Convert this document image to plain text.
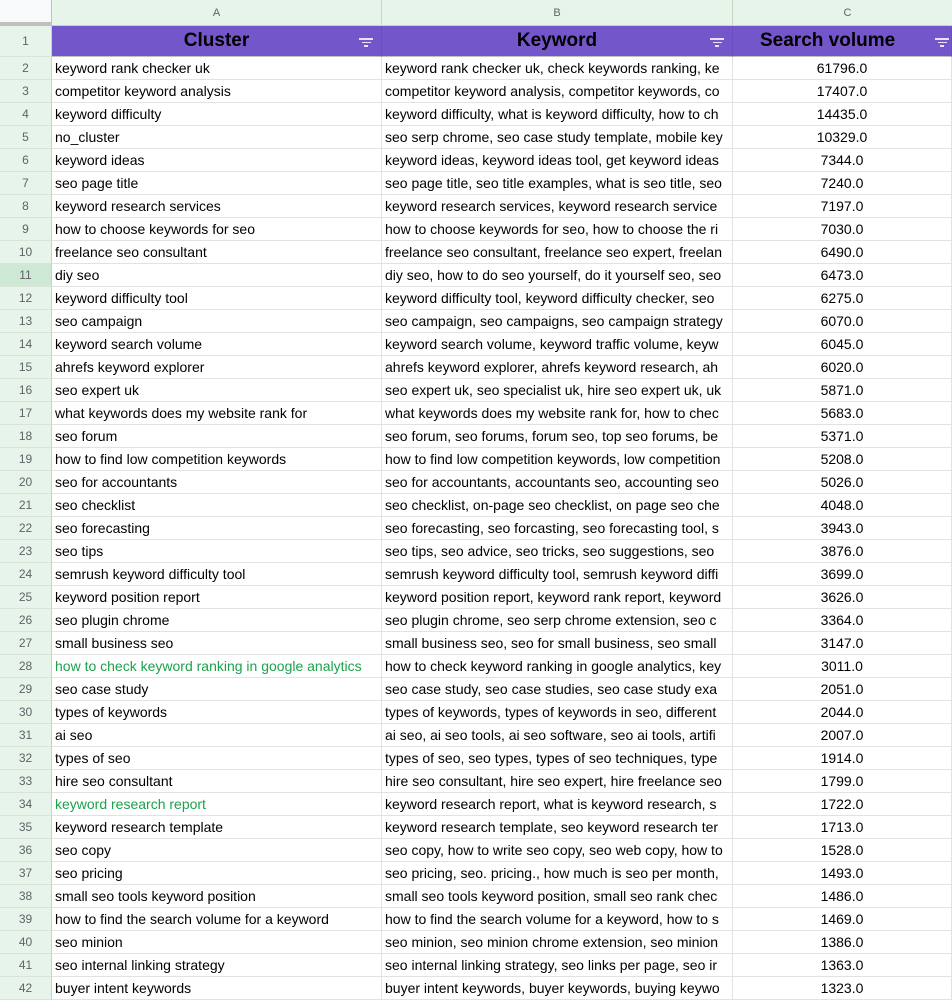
A	B	C
1	Cluster	Keyword	Search volume
2	keyword rank checker uk	keyword rank checker uk, check keywords ranking, ke	61796.0
3	competitor keyword analysis	competitor keyword analysis, competitor keywords, co	17407.0
4	keyword difficulty	keyword difficulty, what is keyword difficulty, how to ch	14435.0
5	no_cluster	seo serp chrome, seo case study template, mobile key	10329.0
6	keyword ideas	keyword ideas, keyword ideas tool, get keyword ideas	7344.0
7	seo page title	seo page title, seo title examples, what is seo title, seo	7240.0
8	keyword research services	keyword research services, keyword research service	7197.0
9	how to choose keywords for seo	how to choose keywords for seo, how to choose the ri	7030.0
10	freelance seo consultant	freelance seo consultant, freelance seo expert, freelan	6490.0
11	diy seo	diy seo, how to do seo yourself, do it yourself seo, seo	6473.0
12	keyword difficulty tool	keyword difficulty tool, keyword difficulty checker, seo	6275.0
13	seo campaign	seo campaign, seo campaigns, seo campaign strategy	6070.0
14	keyword search volume	keyword search volume, keyword traffic volume, keyw	6045.0
15	ahrefs keyword explorer	ahrefs keyword explorer, ahrefs keyword research, ah	6020.0
16	seo expert uk	seo expert uk, seo specialist uk, hire seo expert uk, uk	5871.0
17	what keywords does my website rank for	what keywords does my website rank for, how to chec	5683.0
18	seo forum	seo forum, seo forums, forum seo, top seo forums, be	5371.0
19	how to find low competition keywords	how to find low competition keywords, low competition	5208.0
20	seo for accountants	seo for accountants, accountants seo, accounting seo	5026.0
21	seo checklist	seo checklist, on-page seo checklist, on page seo che	4048.0
22	seo forecasting	seo forecasting, seo forcasting, seo forecasting tool, s	3943.0
23	seo tips	seo tips, seo advice, seo tricks, seo suggestions, seo	3876.0
24	semrush keyword difficulty tool	semrush keyword difficulty tool, semrush keyword diffi	3699.0
25	keyword position report	keyword position report, keyword rank report, keyword	3626.0
26	seo plugin chrome	seo plugin chrome, seo serp chrome extension, seo c	3364.0
27	small business seo	small business seo, seo for small business, seo small	3147.0
28	how to check keyword ranking in google analytics	how to check keyword ranking in google analytics, key	3011.0
29	seo case study	seo case study, seo case studies, seo case study exa	2051.0
30	types of keywords	types of keywords, types of keywords in seo, different	2044.0
31	ai seo	ai seo, ai seo tools, ai seo software, seo ai tools, artifi	2007.0
32	types of seo	types of seo, seo types, types of seo techniques, type	1914.0
33	hire seo consultant	hire seo consultant, hire seo expert, hire freelance seo	1799.0
34	keyword research report	keyword research report, what is keyword research, s	1722.0
35	keyword research template	keyword research template, seo keyword research ter	1713.0
36	seo copy	seo copy, how to write seo copy, seo web copy, how to	1528.0
37	seo pricing	seo pricing, seo. pricing., how much is seo per month,	1493.0
38	small seo tools keyword position	small seo tools keyword position, small seo rank chec	1486.0
39	how to find the search volume for a keyword	how to find the search volume for a keyword, how to s	1469.0
40	seo minion	seo minion, seo minion chrome extension, seo minion	1386.0
41	seo internal linking strategy	seo internal linking strategy, seo links per page, seo ir	1363.0
42	buyer intent keywords	buyer intent keywords, buyer keywords, buying keywo	1323.0
